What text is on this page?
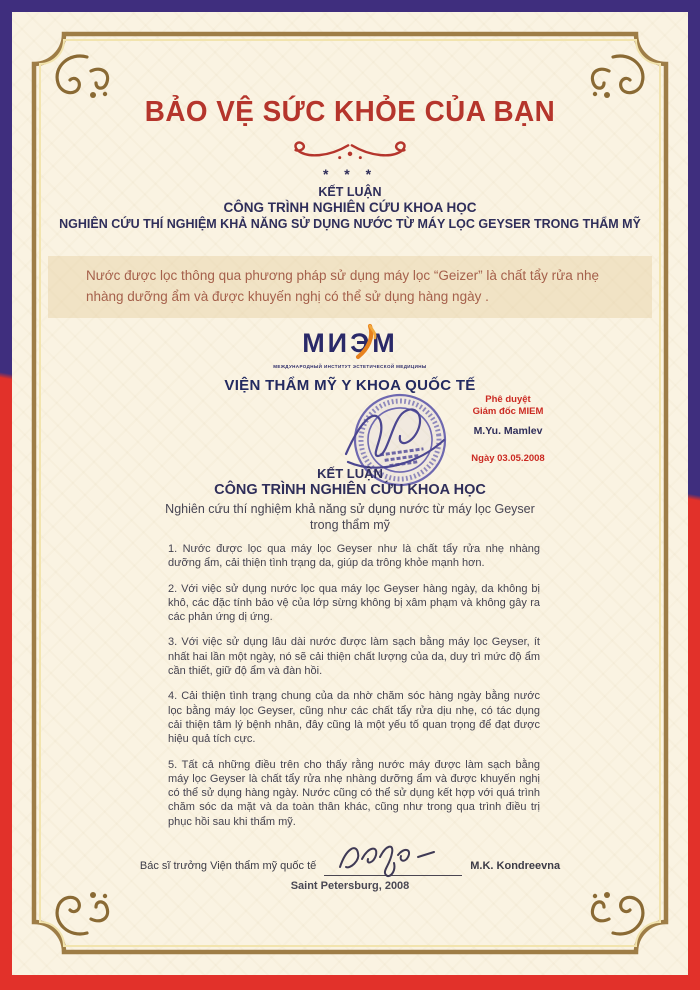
BẢO VỆ SỨC KHỎE CỦA BẠN
* * *
KẾT LUẬN
CÔNG TRÌNH NGHIÊN CỨU KHOA HỌC
NGHIÊN CỨU THÍ NGHIỆM KHẢ NĂNG SỬ DỤNG NƯỚC TỪ MÁY LỌC GEYSER TRONG THẨM MỸ
Nước được lọc thông qua phương pháp sử dụng máy lọc “Geizer” là chất tẩy rửa nhẹ nhàng dưỡng ẩm và được khuyến nghị có thể sử dụng hàng ngày .
МИЭМ
МЕЖДУНАРОДНЫЙ ИНСТИТУТ ЭСТЕТИЧЕСКОЙ МЕДИЦИНЫ
VIỆN THẨM MỸ Y KHOA QUỐC TẾ
Phê duyệt
Giám đốc MIEM
M.Yu. Mamlev
Ngày 03.05.2008
KẾT LUẬN
CÔNG TRÌNH NGHIÊN CỨU KHOA HỌC
Nghiên cứu thí nghiệm khả năng sử dụng nước từ máy lọc Geyser trong thẩm mỹ

1. Nước được lọc qua máy lọc Geyser như là chất tẩy rửa nhẹ nhàng dưỡng ẩm, cải thiện tình trạng da, giúp da trông khỏe mạnh hơn.

2. Với việc sử dụng nước lọc qua máy lọc Geyser hàng ngày, da không bị khô, các đặc tính bảo vệ của lớp sừng không bị xâm phạm và không gây ra các phản ứng dị ứng.

3. Với việc sử dụng lâu dài nước được làm sạch bằng máy lọc Geyser, ít nhất hai lần một ngày, nó sẽ cải thiện chất lượng của da, duy trì mức độ ẩm cần thiết, giữ độ ẩm và đàn hồi.

4. Cải thiện tình trạng chung của da nhờ chăm sóc hàng ngày bằng nước lọc bằng máy lọc Geyser, cũng như các chất tẩy rửa dịu nhẹ, có tác dụng cải thiện tâm lý bệnh nhân, đây cũng là một yếu tố quan trọng để đạt được hiệu quả tích cực.

5. Tất cả những điều trên cho thấy rằng nước máy được làm sạch bằng máy lọc Geyser là chất tẩy rửa nhẹ nhàng dưỡng ẩm và được khuyến nghị có thể sử dụng hàng ngày. Nước cũng có thể sử dụng kết hợp với quá trình chăm sóc da mặt và da toàn thân khác, cũng như trong qua trình điều trị phục hồi sau khi thẩm mỹ.

Bác sĩ trưởng Viện thẩm mỹ quốc tế	M.K. Kondreevna
Saint Petersburg, 2008
